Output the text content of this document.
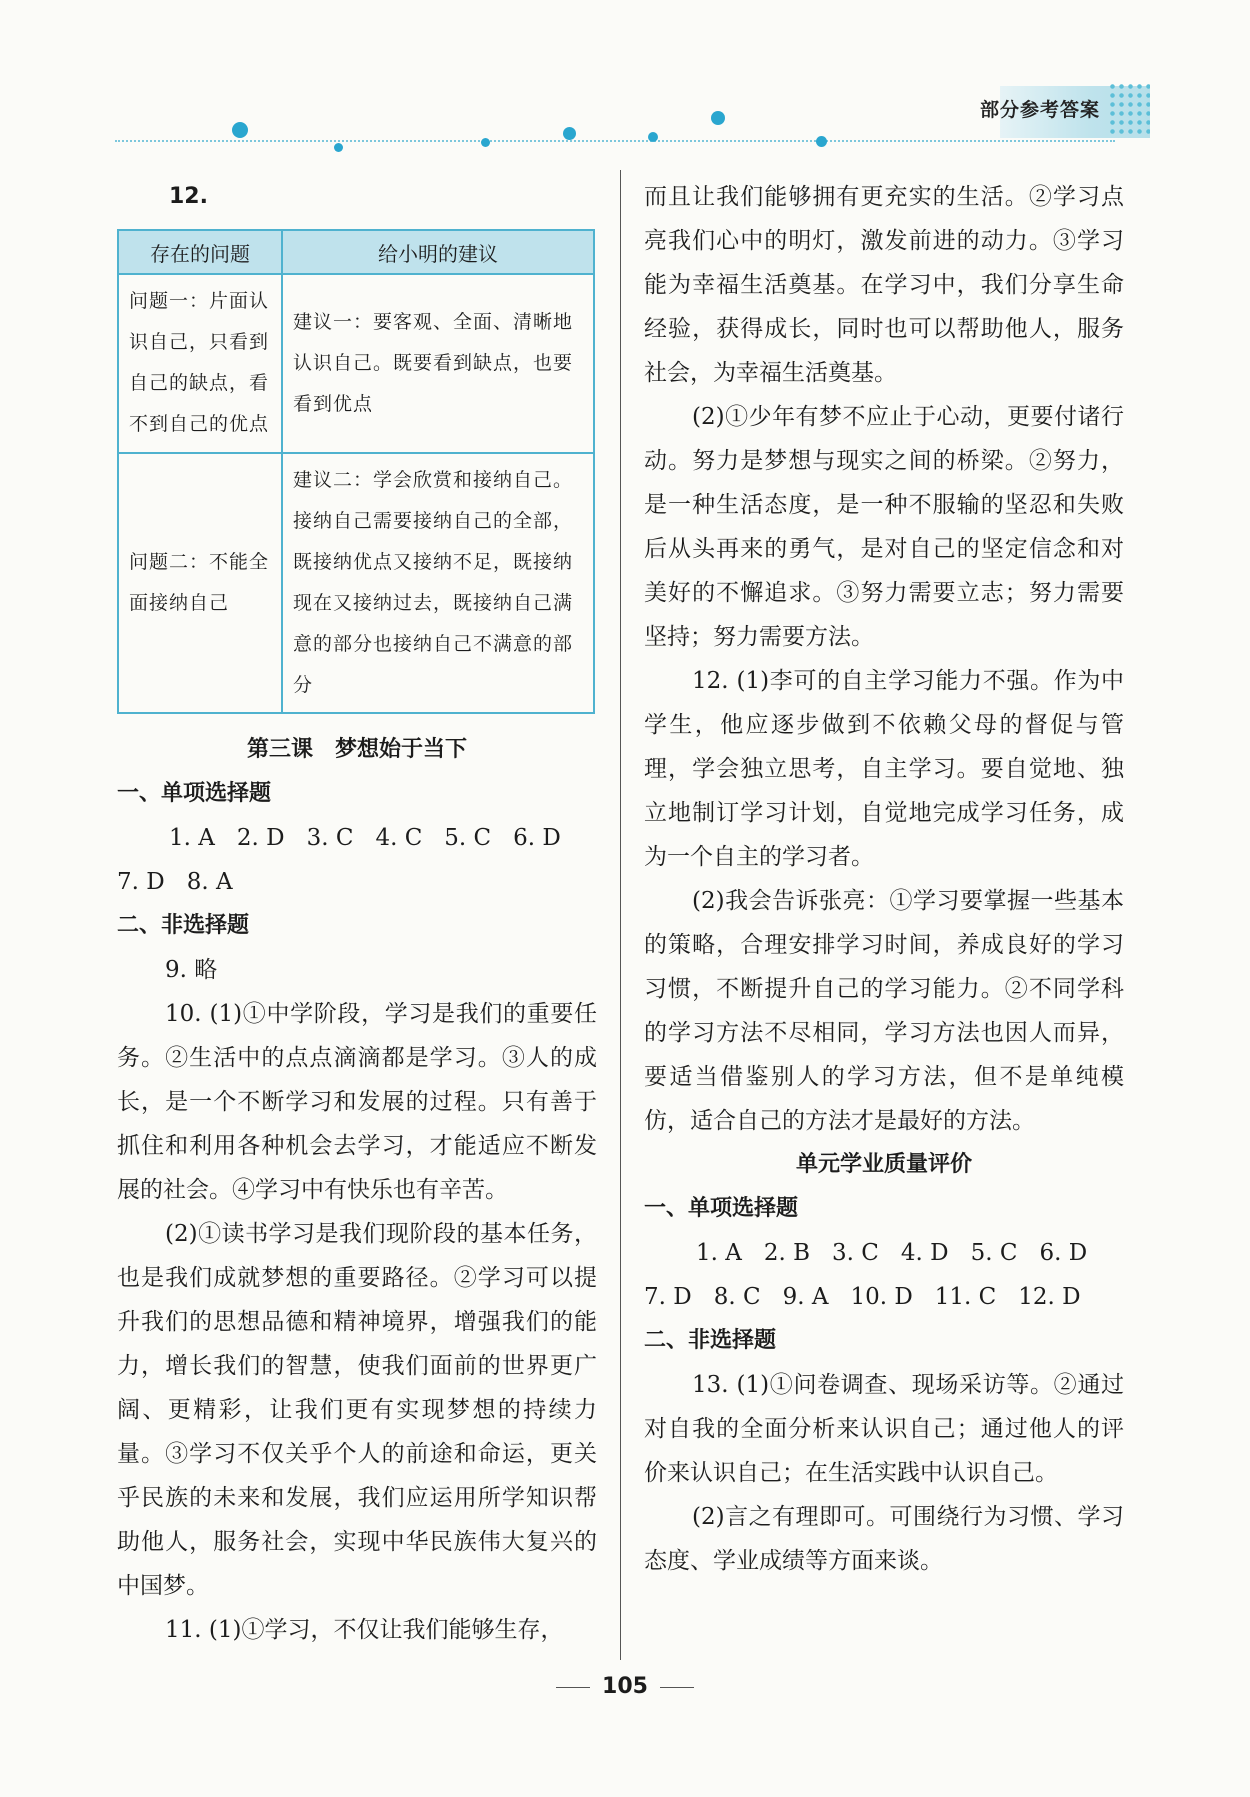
部分参考答案

12.

存在的问题	给小明的建议
问题一：片面认识自己，只看到自己的缺点，看不到自己的优点	建议一：要客观、全面、清晰地认识自己。既要看到缺点，也要看到优点
问题二：不能全面接纳自己	建议二：学会欣赏和接纳自己。接纳自己需要接纳自己的全部，既接纳优点又接纳不足，既接纳现在又接纳过去，既接纳自己满意的部分也接纳自己不满意的部分

第三课　梦想始于当下

一、单项选择题

1. A 2. D 3. C 4. C 5. C 6. D
7. D 8. A

二、非选择题

9. 略

10. (1)①中学阶段，学习是我们的重要任务。②生活中的点点滴滴都是学习。③人的成长，是一个不断学习和发展的过程。只有善于抓住和利用各种机会去学习，才能适应不断发展的社会。④学习中有快乐也有辛苦。

(2)①读书学习是我们现阶段的基本任务，也是我们成就梦想的重要路径。②学习可以提升我们的思想品德和精神境界，增强我们的能力，增长我们的智慧，使我们面前的世界更广阔、更精彩，让我们更有实现梦想的持续力量。③学习不仅关乎个人的前途和命运，更关乎民族的未来和发展，我们应运用所学知识帮助他人，服务社会，实现中华民族伟大复兴的中国梦。

11. (1)①学习，不仅让我们能够生存，

而且让我们能够拥有更充实的生活。②学习点亮我们心中的明灯，激发前进的动力。③学习能为幸福生活奠基。在学习中，我们分享生命经验，获得成长，同时也可以帮助他人，服务社会，为幸福生活奠基。

(2)①少年有梦不应止于心动，更要付诸行动。努力是梦想与现实之间的桥梁。②努力，是一种生活态度，是一种不服输的坚忍和失败后从头再来的勇气，是对自己的坚定信念和对美好的不懈追求。③努力需要立志；努力需要坚持；努力需要方法。

12. (1)李可的自主学习能力不强。作为中学生，他应逐步做到不依赖父母的督促与管理，学会独立思考，自主学习。要自觉地、独立地制订学习计划，自觉地完成学习任务，成为一个自主的学习者。

(2)我会告诉张亮：①学习要掌握一些基本的策略，合理安排学习时间，养成良好的学习习惯，不断提升自己的学习能力。②不同学科的学习方法不尽相同，学习方法也因人而异，要适当借鉴别人的学习方法，但不是单纯模仿，适合自己的方法才是最好的方法。

单元学业质量评价

一、单项选择题

1. A 2. B 3. C 4. D 5. C 6. D
7. D 8. C 9. A 10. D 11. C 12. D

二、非选择题

13. (1)①问卷调查、现场采访等。②通过对自我的全面分析来认识自己；通过他人的评价来认识自己；在生活实践中认识自己。

(2)言之有理即可。可围绕行为习惯、学习态度、学业成绩等方面来谈。

105
